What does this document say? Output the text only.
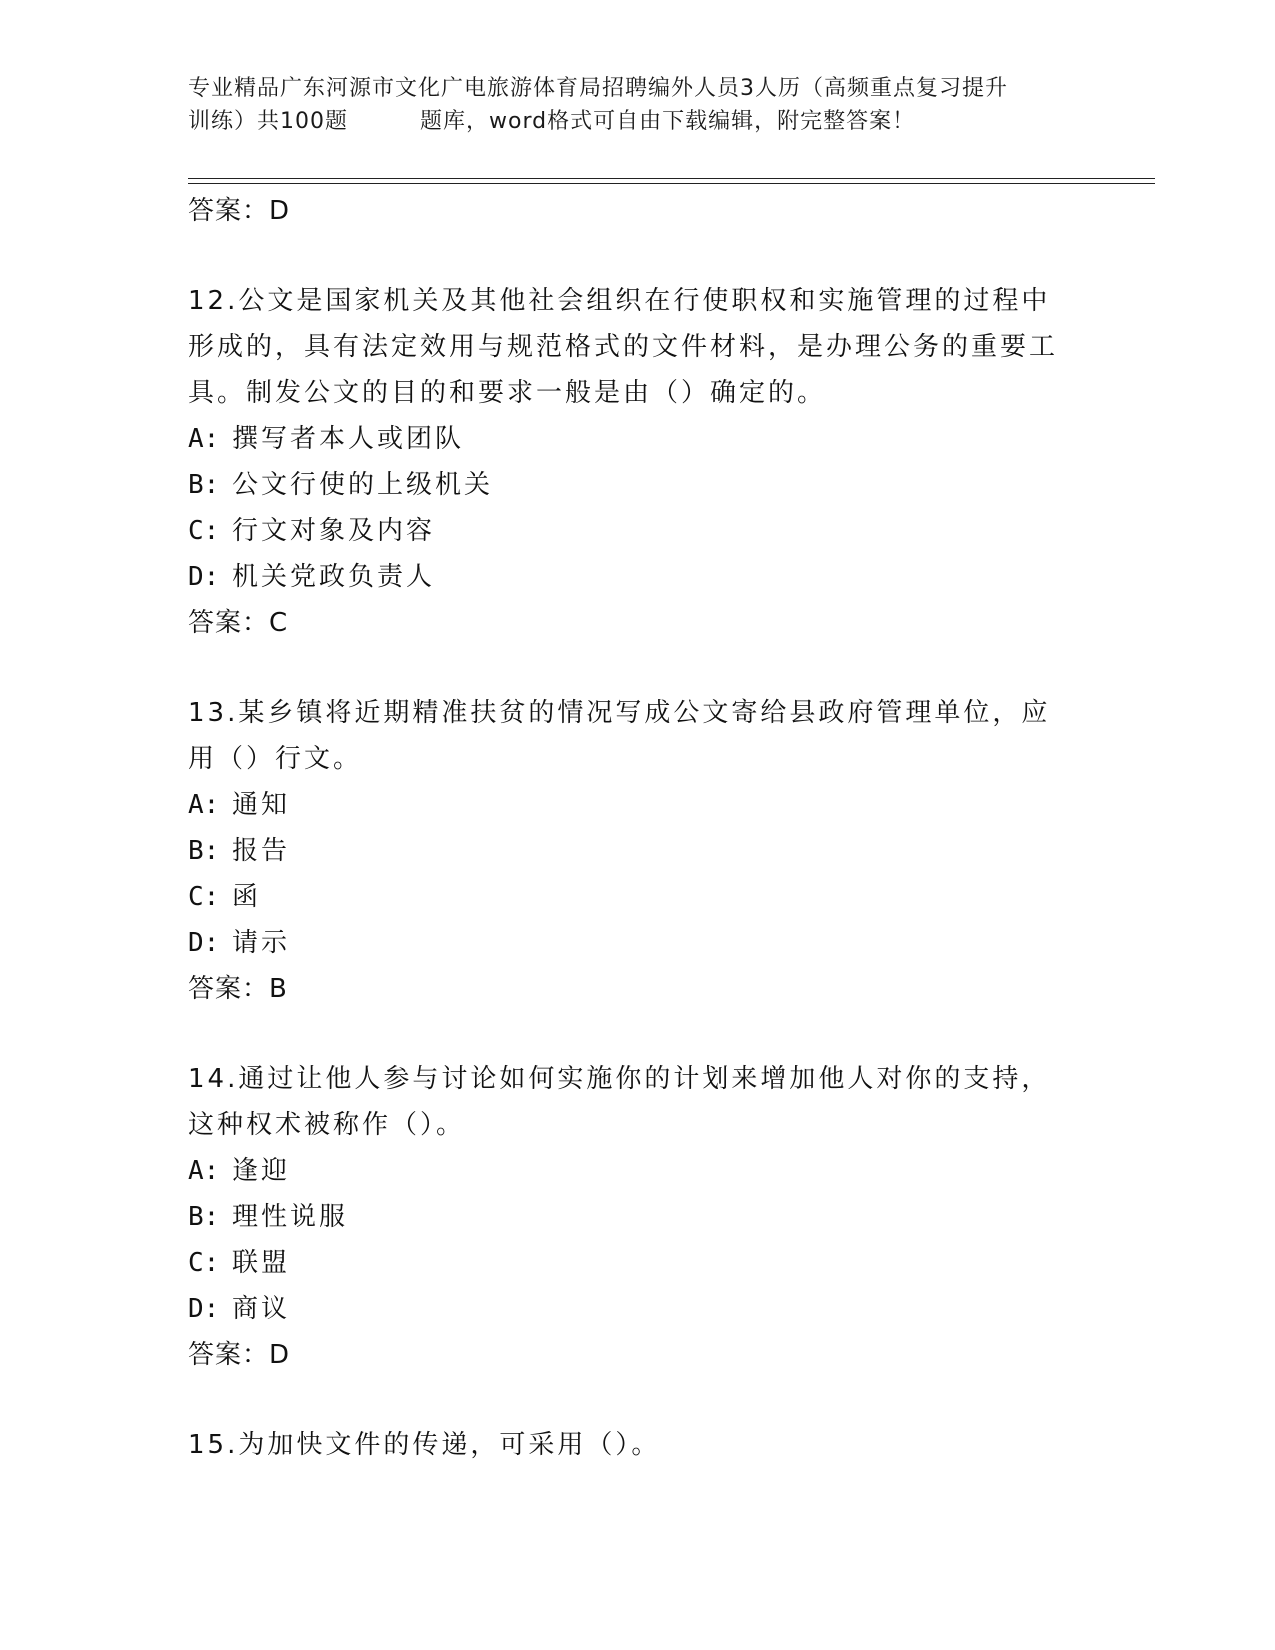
专业精品广东河源市文化广电旅游体育局招聘编外人员3人历（高频重点复习提升
训练）共100题	题库，word格式可自由下载编辑，附完整答案！

答案：D

12.公文是国家机关及其他社会组织在行使职权和实施管理的过程中形成的，具有法定效用与规范格式的文件材料，是办理公务的重要工具。制发公文的目的和要求一般是由（）确定的。

A: 撰写者本人或团队

B: 公文行使的上级机关

C: 行文对象及内容

D: 机关党政负责人

答案：C

13.某乡镇将近期精准扶贫的情况写成公文寄给县政府管理单位，应用（）行文。

A: 通知

B: 报告

C: 函

D: 请示

答案：B

14.通过让他人参与讨论如何实施你的计划来增加他人对你的支持，这种权术被称作（）。

A: 逢迎

B: 理性说服

C: 联盟

D: 商议

答案：D

15.为加快文件的传递，可采用（）。
